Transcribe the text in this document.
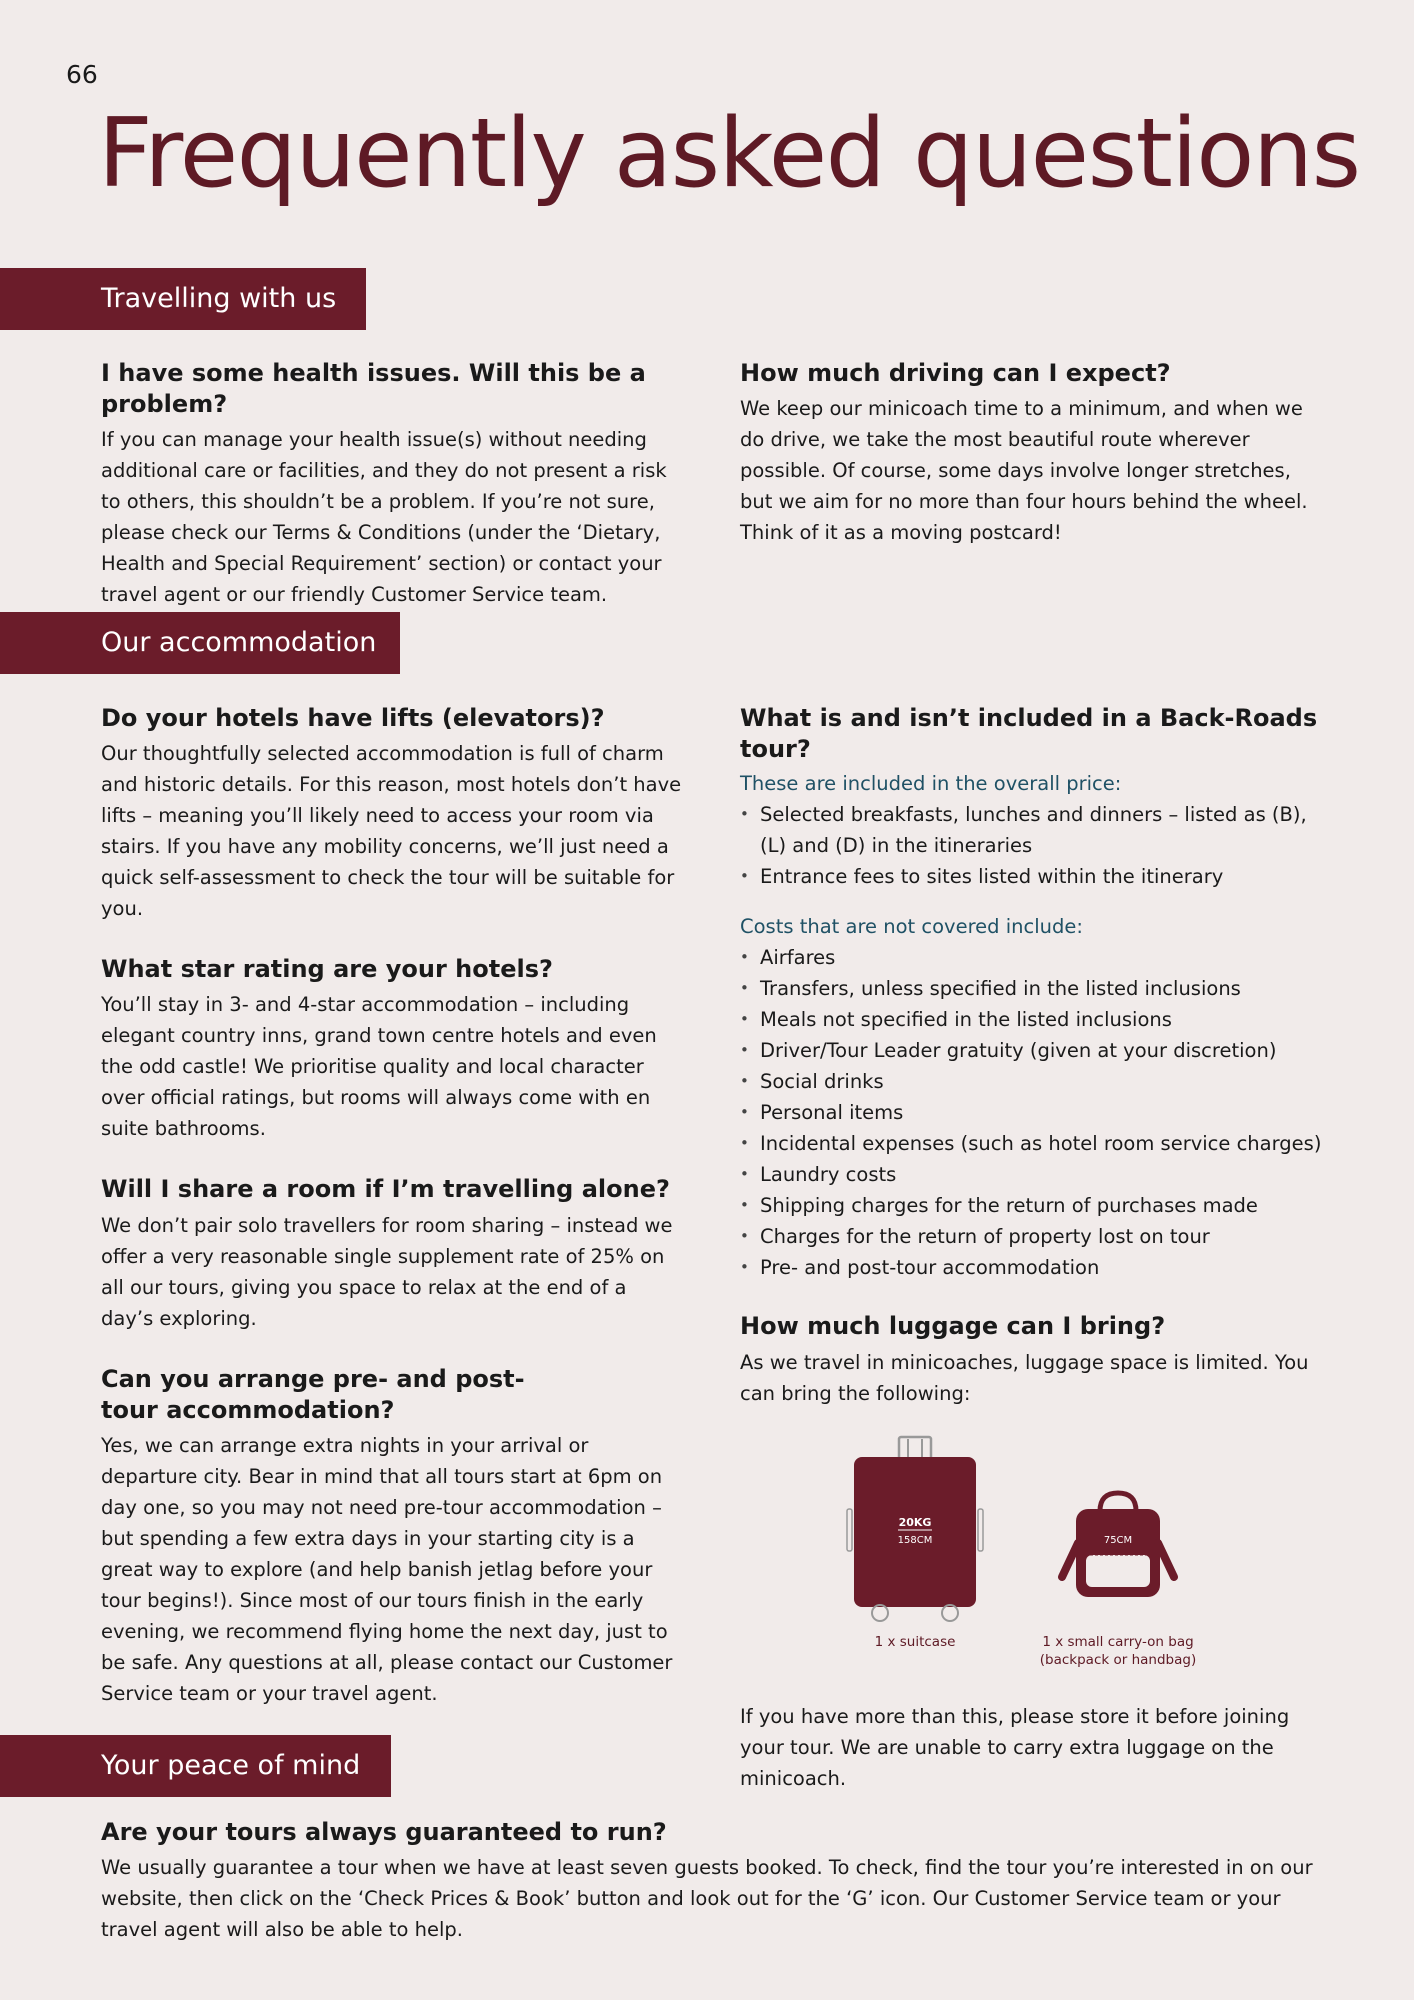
66
Frequently asked questions
Travelling with us

I have some health issues. Will this be a problem?

If you can manage your health issue(s) without needing additional care or facilities, and they do not present a risk to others, this shouldn’t be a problem. If you’re not sure, please check our Terms & Conditions (under the ‘Dietary, Health and Special Requirement’ section) or contact your travel agent or our friendly Customer Service team.

How much driving can I expect?

We keep our minicoach time to a minimum, and when we do drive, we take the most beautiful route wherever possible. Of course, some days involve longer stretches, but we aim for no more than four hours behind the wheel. Think of it as a moving postcard!

Our accommodation

Do your hotels have lifts (elevators)?

Our thoughtfully selected accommodation is full of charm and historic details. For this reason, most hotels don’t have lifts – meaning you’ll likely need to access your room via stairs. If you have any mobility concerns, we’ll just need a quick self-assessment to check the tour will be suitable for you.

What star rating are your hotels?

You’ll stay in 3- and 4-star accommodation – including elegant country inns, grand town centre hotels and even the odd castle! We prioritise quality and local character over official ratings, but rooms will always come with en suite bathrooms.

Will I share a room if I’m travelling alone?

We don’t pair solo travellers for room sharing – instead we offer a very reasonable single supplement rate of 25% on all our tours, giving you space to relax at the end of a day’s exploring.

Can you arrange pre- and post-tour accommodation?

Yes, we can arrange extra nights in your arrival or departure city. Bear in mind that all tours start at 6pm on day one, so you may not need pre-tour accommodation – but spending a few extra days in your starting city is a great way to explore (and help banish jetlag before your tour begins!). Since most of our tours finish in the early evening, we recommend flying home the next day, just to be safe. Any questions at all, please contact our Customer Service team or your travel agent.

What is and isn’t included in a Back-Roads tour?

These are included in the overall price:

• Selected breakfasts, lunches and dinners – listed as (B), (L) and (D) in the itineraries
• Entrance fees to sites listed within the itinerary

Costs that are not covered include:

• Airfares
• Transfers, unless specified in the listed inclusions
• Meals not specified in the listed inclusions
• Driver/Tour Leader gratuity (given at your discretion)
• Social drinks
• Personal items
• Incidental expenses (such as hotel room service charges)
• Laundry costs
• Shipping charges for the return of purchases made
• Charges for the return of property lost on tour
• Pre- and post-tour accommodation

How much luggage can I bring?

As we travel in minicoaches, luggage space is limited. You can bring the following:

20KG
158CM	75CM
1 x suitcase	1 x small carry-on bag
(backpack or handbag)

If you have more than this, please store it before joining your tour. We are unable to carry extra luggage on the minicoach.

Your peace of mind

Are your tours always guaranteed to run?

We usually guarantee a tour when we have at least seven guests booked. To check, find the tour you’re interested in on our website, then click on the ‘Check Prices & Book’ button and look out for the ‘G’ icon. Our Customer Service team or your travel agent will also be able to help.
